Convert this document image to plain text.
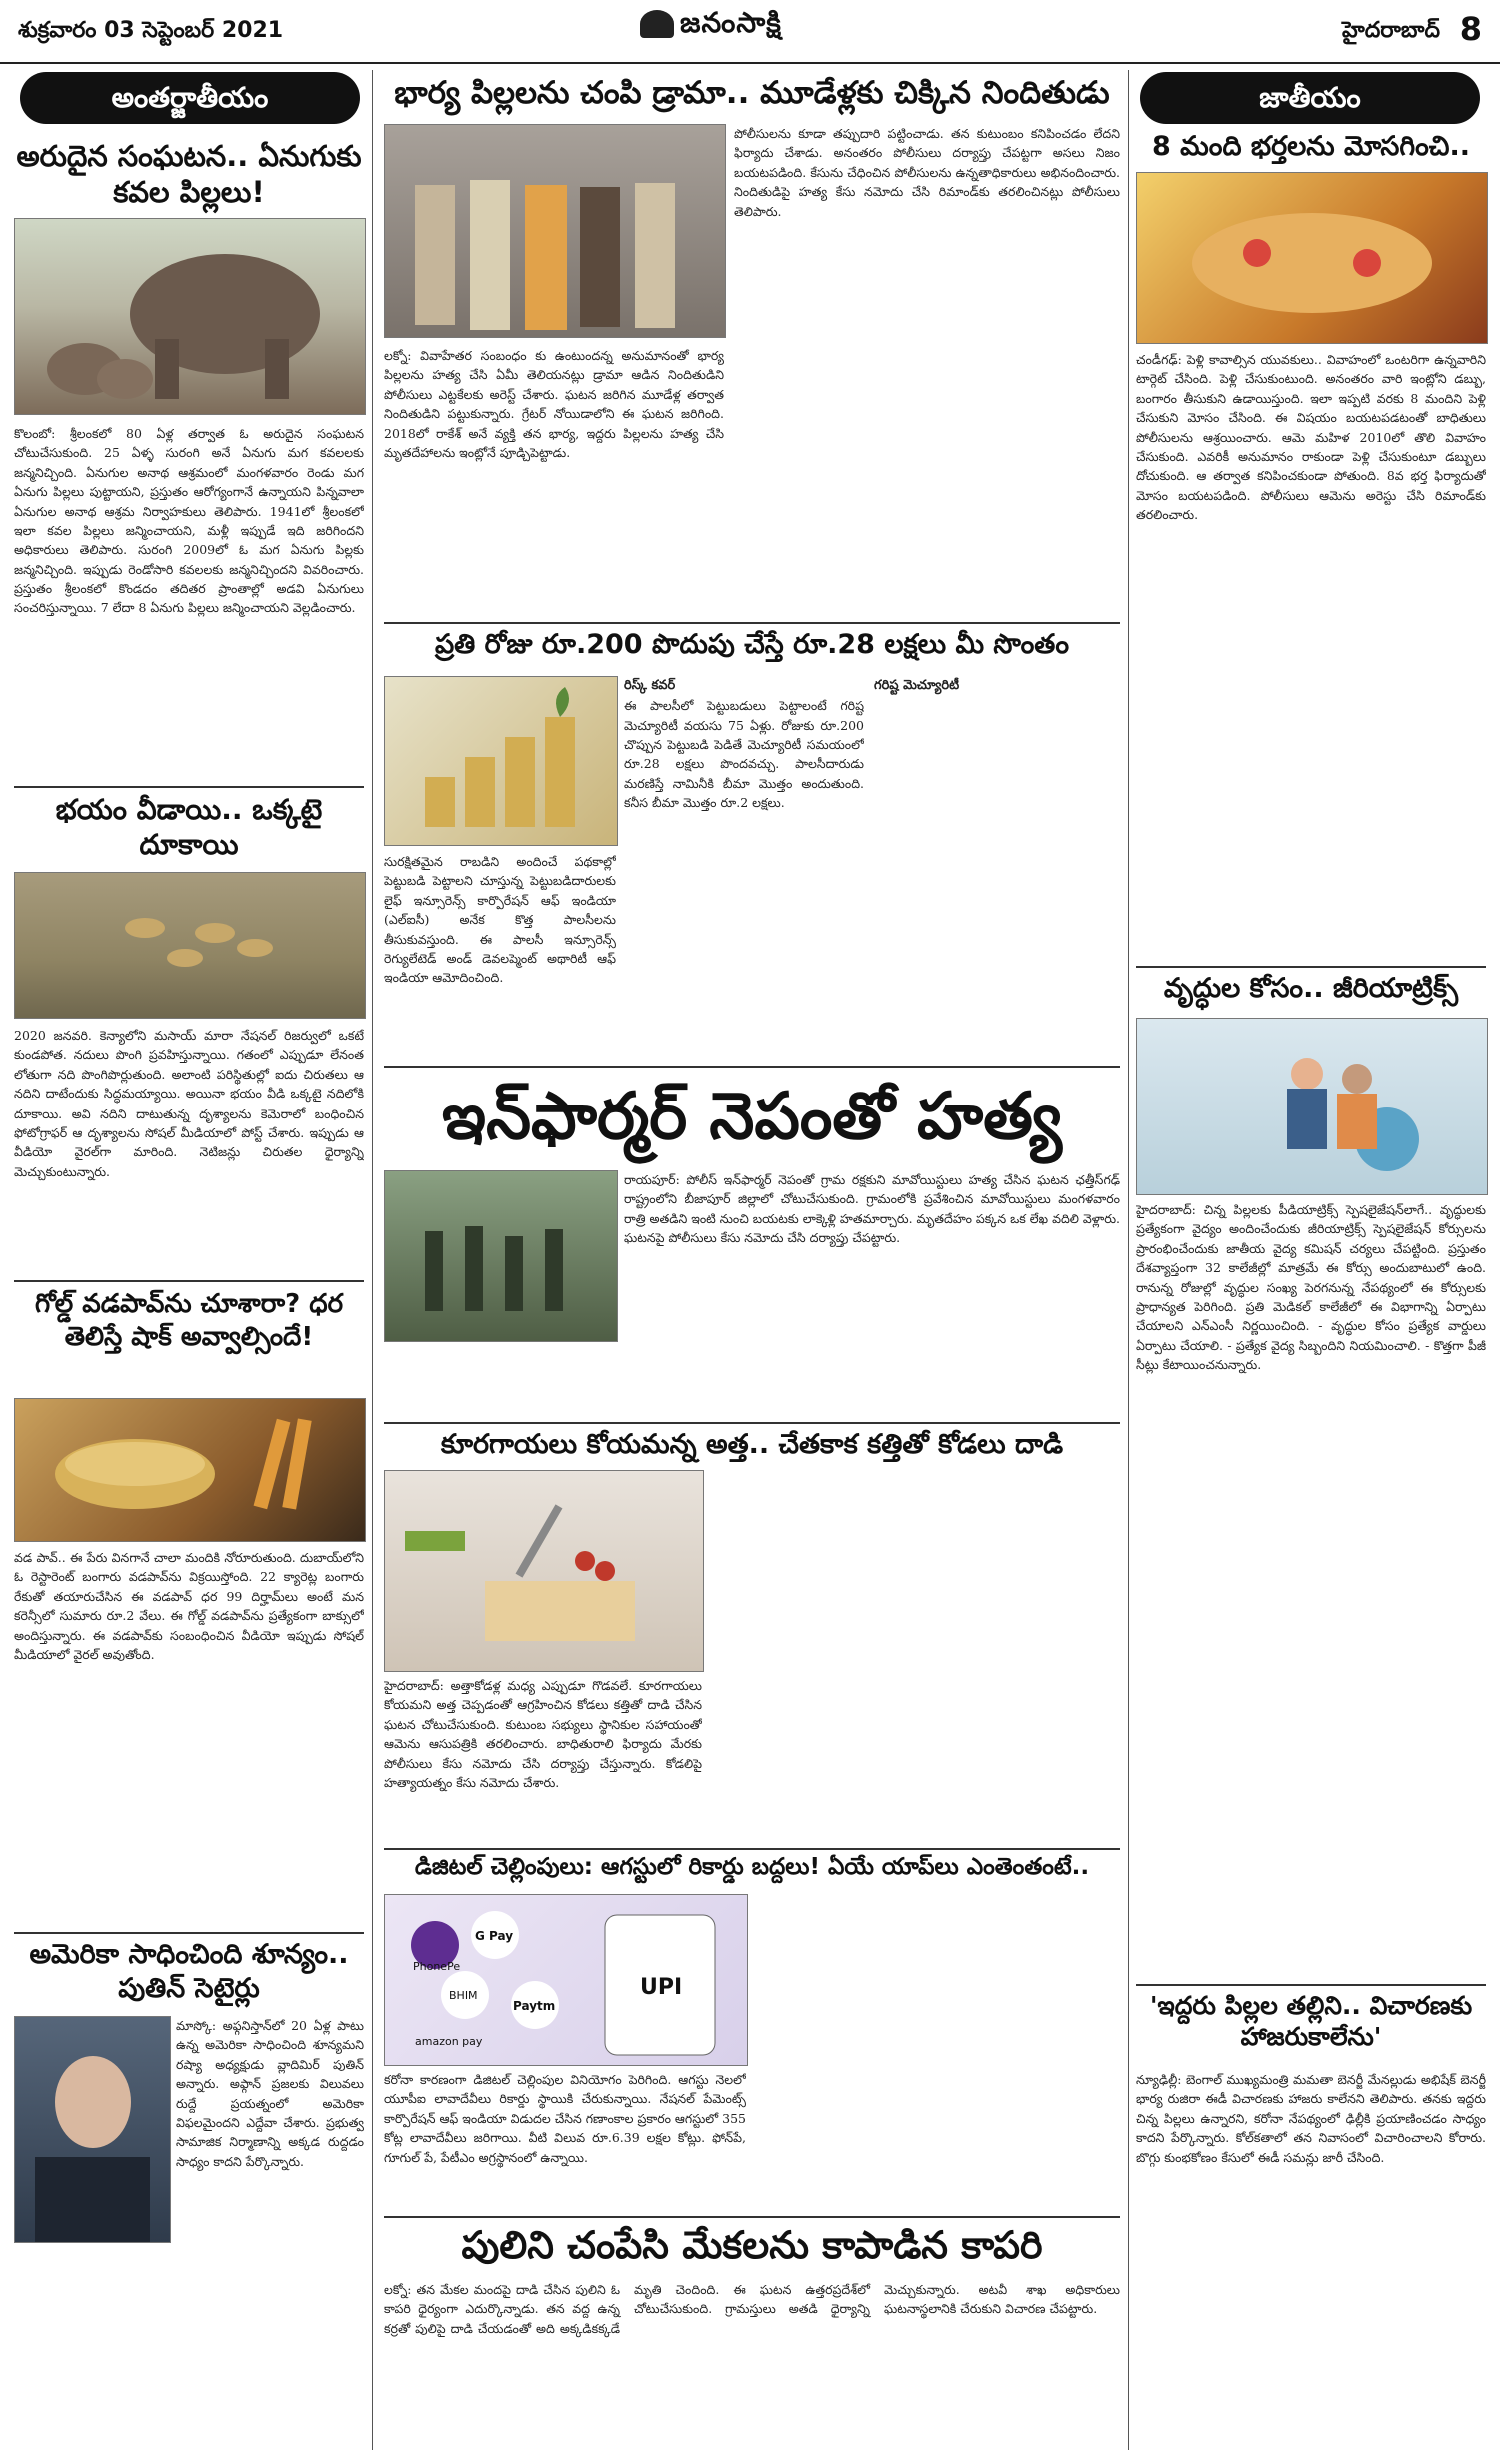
శుక్రవారం 03 సెప్టెంబర్ 2021	జనంసాక్షి	హైదరాబాద్ 8
అంతర్జాతీయం
అరుదైన సంఘటన.. ఏనుగుకు కవల పిల్లలు!
కొలంబో: శ్రీలంకలో 80 ఏళ్ల తర్వాత ఓ అరుదైన సంఘటన చోటుచేసుకుంది. 25 ఏళ్ళ సురంగి అనే ఏనుగు మగ కవలలకు జన్మనిచ్చింది. ఏనుగుల అనాథ ఆశ్రమంలో మంగళవారం రెండు మగ ఏనుగు పిల్లలు పుట్టాయని, ప్రస్తుతం ఆరోగ్యంగానే ఉన్నాయని పిన్నవాలా ఏనుగుల అనాథ ఆశ్రమ నిర్వాహకులు తెలిపారు. 1941లో శ్రీలంకలో ఇలా కవల పిల్లలు జన్మించాయని, మళ్లీ ఇప్పుడే ఇది జరిగిందని అధికారులు తెలిపారు. సురంగి 2009లో ఓ మగ ఏనుగు పిల్లకు జన్మనిచ్చింది. ఇప్పుడు రెండోసారి కవలలకు జన్మనిచ్చిందని వివరించారు. ప్రస్తుతం శ్రీలంకలో కొండదం తదితర ప్రాంతాల్లో అడవి ఏనుగులు సంచరిస్తున్నాయి. 7 లేదా 8 ఏనుగు పిల్లలు జన్మించాయని వెల్లడించారు.
భయం వీడాయి.. ఒక్కటై దూకాయి
2020 జనవరి. కెన్యాలోని మసాయ్ మారా నేషనల్ రిజర్వులో ఒకటే కుండపోత. నదులు పొంగి ప్రవహిస్తున్నాయి. గతంలో ఎప్పుడూ లేనంత లోతుగా నది పొంగిపొర్లుతుంది. అలాంటి పరిస్థితుల్లో ఐదు చిరుతలు ఆ నదిని దాటేందుకు సిద్ధమయ్యాయి. అయినా భయం వీడి ఒక్కటై నదిలోకి దూకాయి. అవి నదిని దాటుతున్న దృశ్యాలను కెమెరాలో బంధించిన ఫోటోగ్రాఫర్ ఆ దృశ్యాలను సోషల్ మీడియాలో పోస్ట్ చేశారు. ఇప్పుడు ఆ వీడియో వైరల్‌గా మారింది. నెటిజన్లు చిరుతల ధైర్యాన్ని మెచ్చుకుంటున్నారు.
గోల్డ్ వడపావ్‌ను చూశారా? ధర తెలిస్తే షాక్ అవ్వాల్సిందే!
వడ పావ్.. ఈ పేరు వినగానే చాలా మందికి నోరూరుతుంది. దుబాయ్‌లోని ఓ రెస్టారెంట్ బంగారు వడపావ్‌ను విక్రయిస్తోంది. 22 క్యారెట్ల బంగారు రేకుతో తయారుచేసిన ఈ వడపావ్ ధర 99 దిర్హామ్‌లు అంటే మన కరెన్సీలో సుమారు రూ.2 వేలు. ఈ గోల్డ్ వడపావ్‌ను ప్రత్యేకంగా బాక్సులో అందిస్తున్నారు. ఈ వడపావ్‌కు సంబంధించిన వీడియో ఇప్పుడు సోషల్ మీడియాలో వైరల్ అవుతోంది.
అమెరికా సాధించింది శూన్యం.. పుతిన్ సెటైర్లు
మాస్కో: అఫ్గనిస్తాన్‌లో 20 ఏళ్ల పాటు ఉన్న అమెరికా సాధించింది శూన్యమని రష్యా అధ్యక్షుడు వ్లాదిమిర్ పుతిన్ అన్నారు. అఫ్గాన్ ప్రజలకు విలువలు రుద్దే ప్రయత్నంలో అమెరికా విఫలమైందని ఎద్దేవా చేశారు. ప్రభుత్వ సామాజిక నిర్మాణాన్ని అక్కడ రుద్దడం సాధ్యం కాదని పేర్కొన్నారు.
భార్య పిల్లలను చంపి డ్రామా.. మూడేళ్లకు చిక్కిన నిందితుడు
లక్నో: వివాహేతర సంబంధం కు ఉంటుందన్న అనుమానంతో భార్య పిల్లలను హత్య చేసి ఏమీ తెలియనట్లు డ్రామా ఆడిన నిందితుడిని పోలీసులు ఎట్టకేలకు అరెస్ట్ చేశారు. ఘటన జరిగిన మూడేళ్ల తర్వాత నిందితుడిని పట్టుకున్నారు. గ్రేటర్ నోయిడాలోని ఈ ఘటన జరిగింది. 2018లో రాకేశ్ అనే వ్యక్తి తన భార్య, ఇద్దరు పిల్లలను హత్య చేసి మృతదేహాలను ఇంట్లోనే పూడ్చిపెట్టాడు.
పోలీసులను కూడా తప్పుదారి పట్టించాడు. తన కుటుంబం కనిపించడం లేదని ఫిర్యాదు చేశాడు. అనంతరం పోలీసులు దర్యాప్తు చేపట్టగా అసలు నిజం బయటపడింది. కేసును చేధించిన పోలీసులను ఉన్నతాధికారులు అభినందించారు. నిందితుడిపై హత్య కేసు నమోదు చేసి రిమాండ్‌కు తరలించినట్లు పోలీసులు తెలిపారు.
ప్రతి రోజు రూ.200 పొదుపు చేస్తే రూ.28 లక్షలు మీ సొంతం
సురక్షితమైన రాబడిని అందించే పథకాల్లో పెట్టుబడి పెట్టాలని చూస్తున్న పెట్టుబడిదారులకు లైఫ్ ఇన్సూరెన్స్ కార్పొరేషన్ ఆఫ్ ఇండియా (ఎల్ఐసీ) అనేక కొత్త పాలసీలను తీసుకువస్తుంది. ఈ పాలసీ ఇన్సూరెన్స్ రెగ్యులేటెడ్ అండ్ డెవలప్మెంట్ అథారిటీ ఆఫ్ ఇండియా ఆమోదించింది.
రిస్క్ కవర్
ఈ పాలసీలో పెట్టుబడులు పెట్టాలంటే గరిష్ట మెచ్యూరిటీ వయసు 75 ఏళ్లు. రోజుకు రూ.200 చొప్పున పెట్టుబడి పెడితే మెచ్యూరిటీ సమయంలో రూ.28 లక్షలు పొందవచ్చు. పాలసీదారుడు మరణిస్తే నామినీకి బీమా మొత్తం అందుతుంది. కనీస బీమా మొత్తం రూ.2 లక్షలు.
గరిష్ట మెచ్యూరిటీ
ఇన్‌ఫార్మర్ నెపంతో హత్య
రాయపూర్: పోలీస్ ఇన్‌ఫార్మర్ నెపంతో గ్రామ రక్షకుని మావోయిస్టులు హత్య చేసిన ఘటన ఛత్తీస్‌గఢ్ రాష్ట్రంలోని బీజాపూర్ జిల్లాలో చోటుచేసుకుంది. గ్రామంలోకి ప్రవేశించిన మావోయిస్టులు మంగళవారం రాత్రి అతడిని ఇంటి నుంచి బయటకు లాక్కెళ్లి హతమార్చారు. మృతదేహం పక్కన ఒక లేఖ వదిలి వెళ్లారు. ఘటనపై పోలీసులు కేసు నమోదు చేసి దర్యాప్తు చేపట్టారు.
కూరగాయలు కోయమన్న అత్త.. చేతకాక కత్తితో కోడలు దాడి
హైదరాబాద్: అత్తాకోడళ్ల మధ్య ఎప్పుడూ గొడవలే. కూరగాయలు కోయమని అత్త చెప్పడంతో ఆగ్రహించిన కోడలు కత్తితో దాడి చేసిన ఘటన చోటుచేసుకుంది. కుటుంబ సభ్యులు స్థానికుల సహాయంతో ఆమెను ఆసుపత్రికి తరలించారు. బాధితురాలి ఫిర్యాదు మేరకు పోలీసులు కేసు నమోదు చేసి దర్యాప్తు చేస్తున్నారు. కోడలిపై హత్యాయత్నం కేసు నమోదు చేశారు.
డిజిటల్ చెల్లింపులు: ఆగస్టులో రికార్డు బద్దలు! ఏయే యాప్‌లు ఎంతెంతంటే..
PhonePe
G Pay
BHIM
Paytm
amazon pay
UPI
కరోనా కారణంగా డిజిటల్ చెల్లింపుల వినియోగం పెరిగింది. ఆగస్టు నెలలో యూపీఐ లావాదేవీలు రికార్డు స్థాయికి చేరుకున్నాయి. నేషనల్ పేమెంట్స్ కార్పొరేషన్ ఆఫ్ ఇండియా విడుదల చేసిన గణాంకాల ప్రకారం ఆగస్టులో 355 కోట్ల లావాదేవీలు జరిగాయి. వీటి విలువ రూ.6.39 లక్షల కోట్లు. ఫోన్‌పే, గూగుల్ పే, పేటీఎం అగ్రస్థానంలో ఉన్నాయి.
పులిని చంపేసి మేకలను కాపాడిన కాపరి
లక్నో: తన మేకల మందపై దాడి చేసిన పులిని ఓ కాపరి ధైర్యంగా ఎదుర్కొన్నాడు. తన వద్ద ఉన్న కర్రతో పులిపై దాడి చేయడంతో అది అక్కడికక్కడే మృతి చెందింది. ఈ ఘటన ఉత్తరప్రదేశ్‌లో చోటుచేసుకుంది. గ్రామస్తులు అతడి ధైర్యాన్ని మెచ్చుకున్నారు. అటవీ శాఖ అధికారులు ఘటనాస్థలానికి చేరుకుని విచారణ చేపట్టారు.
జాతీయం
8 మంది భర్తలను మోసగించి..
చండీగఢ్: పెళ్లి కావాల్సిన యువకులు.. వివాహంలో ఒంటరిగా ఉన్నవారిని టార్గెట్ చేసింది. పెళ్లి చేసుకుంటుంది. అనంతరం వారి ఇంట్లోని డబ్బు, బంగారం తీసుకుని ఉడాయిస్తుంది. ఇలా ఇప్పటి వరకు 8 మందిని పెళ్లి చేసుకుని మోసం చేసింది. ఈ విషయం బయటపడటంతో బాధితులు పోలీసులను ఆశ్రయించారు. ఆమె మహిళ 2010లో తొలి వివాహం చేసుకుంది. ఎవరికీ అనుమానం రాకుండా పెళ్లి చేసుకుంటూ డబ్బులు దోచుకుంది. ఆ తర్వాత కనిపించకుండా పోతుంది. 8వ భర్త ఫిర్యాదుతో మోసం బయటపడింది. పోలీసులు ఆమెను అరెస్టు చేసి రిమాండ్‌కు తరలించారు.
వృద్ధుల కోసం.. జీరియాట్రిక్స్
హైదరాబాద్: చిన్న పిల్లలకు పీడియాట్రిక్స్ స్పెషలైజేషన్‌లాగే.. వృద్ధులకు ప్రత్యేకంగా వైద్యం అందించేందుకు జీరియాట్రిక్స్ స్పెషలైజేషన్ కోర్సులను ప్రారంభించేందుకు జాతీయ వైద్య కమిషన్ చర్యలు చేపట్టింది. ప్రస్తుతం దేశవ్యాప్తంగా 32 కాలేజీల్లో మాత్రమే ఈ కోర్సు అందుబాటులో ఉంది. రానున్న రోజుల్లో వృద్ధుల సంఖ్య పెరగనున్న నేపథ్యంలో ఈ కోర్సులకు ప్రాధాన్యత పెరిగింది. ప్రతి మెడికల్ కాలేజీలో ఈ విభాగాన్ని ఏర్పాటు చేయాలని ఎన్ఎంసీ నిర్ణయించింది. - వృద్ధుల కోసం ప్రత్యేక వార్డులు ఏర్పాటు చేయాలి. - ప్రత్యేక వైద్య సిబ్బందిని నియమించాలి. - కొత్తగా పీజీ సీట్లు కేటాయించనున్నారు.
'ఇద్దరు పిల్లల తల్లిని.. విచారణకు హాజరుకాలేను'
న్యూఢిల్లీ: బెంగాల్ ముఖ్యమంత్రి మమతా బెనర్జీ మేనల్లుడు అభిషేక్ బెనర్జీ భార్య రుజిరా ఈడీ విచారణకు హాజరు కాలేనని తెలిపారు. తనకు ఇద్దరు చిన్న పిల్లలు ఉన్నారని, కరోనా నేపథ్యంలో ఢిల్లీకి ప్రయాణించడం సాధ్యం కాదని పేర్కొన్నారు. కోల్‌కతాలో తన నివాసంలో విచారించాలని కోరారు. బొగ్గు కుంభకోణం కేసులో ఈడీ సమన్లు జారీ చేసింది.
